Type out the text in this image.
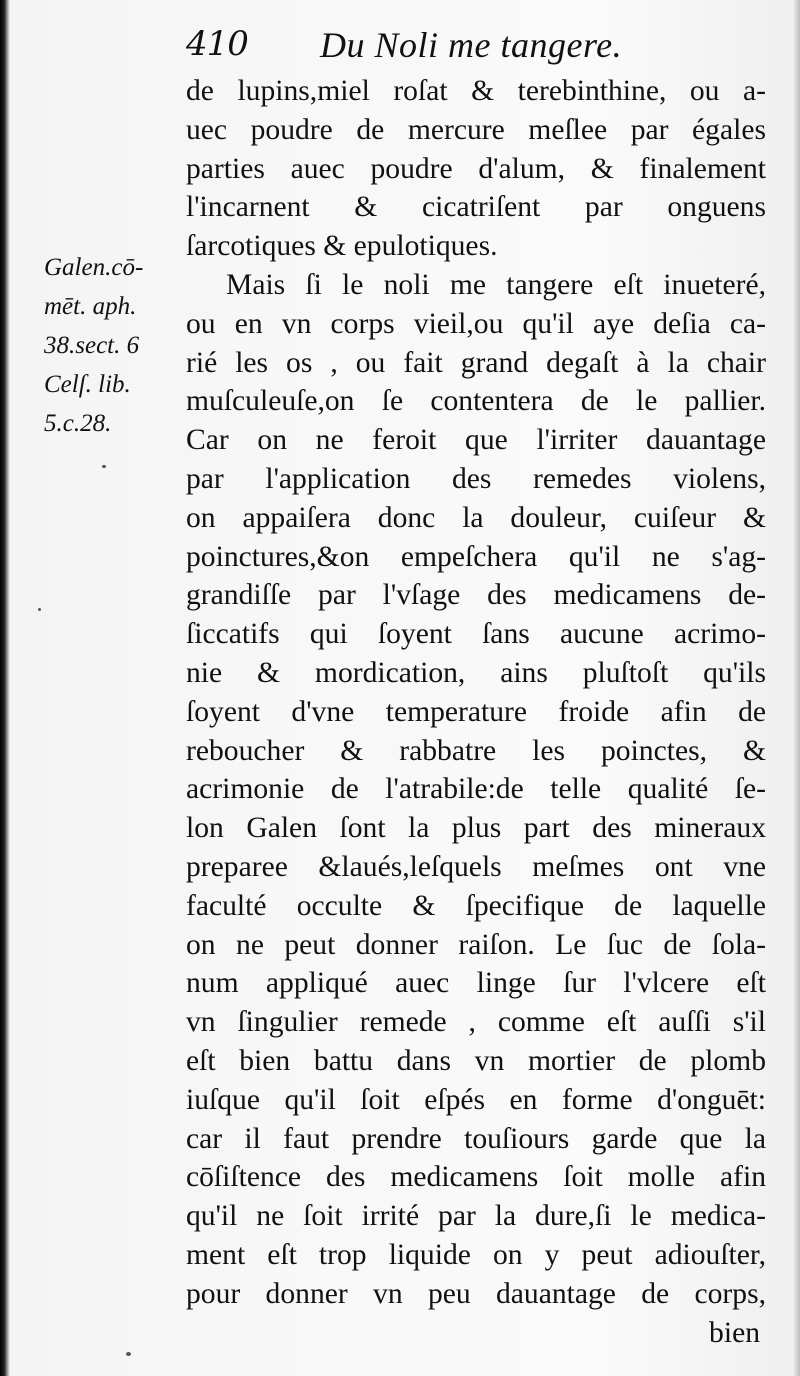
410 Du Noli me tangere.
Galen.cō-
mēt. aph.
38.sect. 6
Celſ. lib.
5.c.28.
de lupins,miel roſat & terebinthine, ou a-
uec poudre de mercure meſlee par égales
parties auec poudre d'alum, & finalement
l'incarnent & cicatriſent par onguens
ſarcotiques & epulotiques.
Mais ſi le noli me tangere eſt inueteré,
ou en vn corps vieil,ou qu'il aye deſia ca-
rié les os , ou fait grand degaſt à la chair
muſculeuſe,on ſe contentera de le pallier.
Car on ne feroit que l'irriter dauantage
par l'application des remedes violens,
on appaiſera donc la douleur, cuiſeur &
poinctures,&on empeſchera qu'il ne s'ag-
grandiſſe par l'vſage des medicamens de-
ſiccatifs qui ſoyent ſans aucune acrimo-
nie & mordication, ains pluſtoſt qu'ils
ſoyent d'vne temperature froide afin de
reboucher & rabbatre les poinctes, &
acrimonie de l'atrabile:de telle qualité ſe-
lon Galen ſont la plus part des mineraux
preparee &laués,leſquels meſmes ont vne
faculté occulte & ſpecifique de laquelle
on ne peut donner raiſon. Le ſuc de ſola-
num appliqué auec linge ſur l'vlcere eſt
vn ſingulier remede , comme eſt auſſi s'il
eſt bien battu dans vn mortier de plomb
iuſque qu'il ſoit eſpés en forme d'onguēt:
car il faut prendre touſiours garde que la
cōſiſtence des medicamens ſoit molle afin
qu'il ne ſoit irrité par la dure,ſi le medica-
ment eſt trop liquide on y peut adiouſter,
pour donner vn peu dauantage de corps,
bien
